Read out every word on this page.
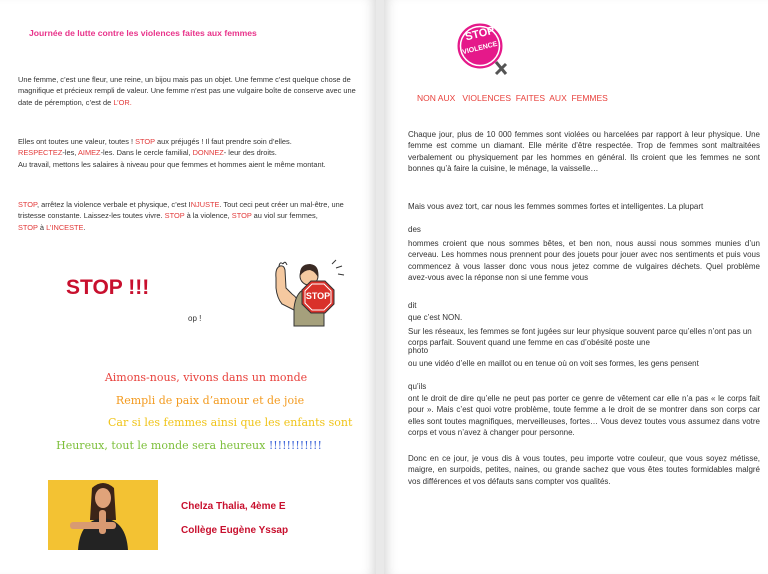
Journée de lutte contre les violences faites aux femmes
Une femme, c’est une fleur, une reine, un bijou mais pas un objet. Une femme c’est quelque chose de magnifique et précieux rempli de valeur. Une femme n’est pas une vulgaire boîte de conserve avec une date de péremption, c’est de L’OR.
Elles ont toutes une valeur, toutes ! STOP aux préjugés ! Il faut prendre soin d’elles.
RESPECTEZ-les, AIMEZ-les. Dans le cercle familial, DONNEZ- leur des droits.
Au travail, mettons les salaires à niveau pour que femmes et hommes aient le même montant.
STOP, arrêtez la violence verbale et physique, c’est INJUSTE. Tout ceci peut créer un mal-être, une tristesse constante. Laissez-les toutes vivre. STOP à la violence, STOP au viol sur femmes,
STOP à L’INCESTE.
STOP !!!	STOP
op !
Aimons-nous, vivons dans un monde
Rempli de paix d’amour et de joie
Car si les femmes ainsi que les enfants sont
Heureux, tout le monde sera heureux !!!!!!!!!!!!
Chelza Thalia, 4ème E
Collège Eugène Yssap
STOP
VIOLENCE
NON AUX   VIOLENCES  FAITES  AUX  FEMMES
Chaque jour, plus de 10 000 femmes sont violées ou harcelées par rapport à leur physique. Une femme est comme un diamant. Elle mérite d’être respectée. Trop de femmes sont maltraitées verbalement ou physiquement par les hommes en général. Ils croient que les femmes ne sont bonnes qu’à faire la cuisine, le ménage, la vaisselle…
Mais vous avez tort, car nous les femmes sommes fortes et intelligentes. La plupart
des
hommes croient que nous sommes bêtes, et ben non, nous aussi nous sommes munies d’un cerveau. Les hommes nous prennent pour des jouets pour jouer avec nos sentiments et puis vous commencez à vous lasser donc vous nous jetez comme de vulgaires déchets. Quel problème avez-vous avec la réponse non si une femme vous
dit
que c’est NON.
Sur les réseaux, les femmes se font jugées sur leur physique souvent parce qu’elles n’ont pas un corps parfait. Souvent quand une femme en cas d’obésité poste une
photo
ou une vidéo d’elle en maillot ou en tenue où on voit ses formes, les gens pensent
qu’ils
ont le droit de dire qu’elle ne peut pas porter ce genre de vêtement car elle n’a pas « le corps fait pour ». Mais c’est quoi votre problème, toute femme a le droit de se montrer dans son corps car elles sont toutes magnifiques, merveilleuses, fortes… Vous devez toutes vous assumez dans votre corps et vous n’avez à changer pour personne.
Donc en ce jour, je vous dis à vous toutes, peu importe votre couleur, que vous soyez métisse, maigre, en surpoids, petites, naines, ou grande sachez que vous êtes toutes formidables malgré vos différences et vos défauts sans compter vos qualités.
